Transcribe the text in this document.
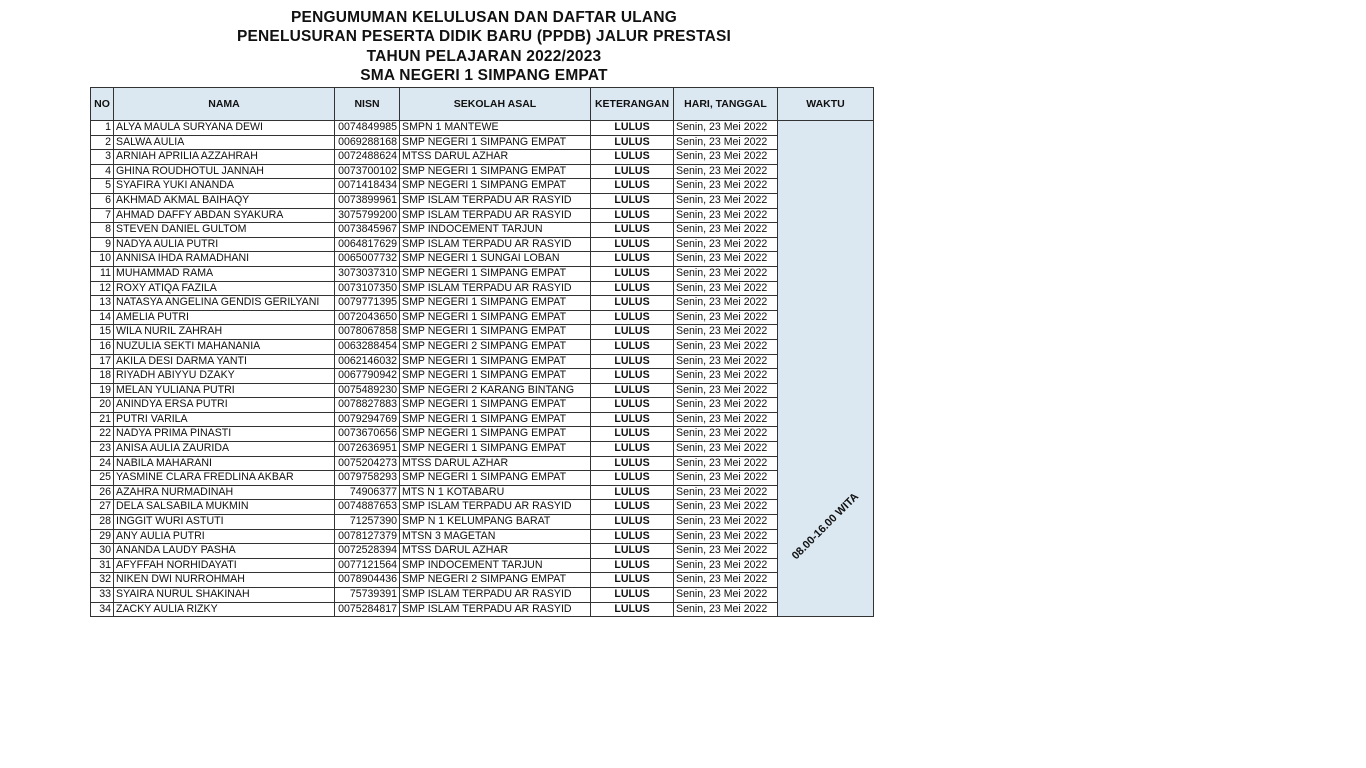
PENGUMUMAN KELULUSAN DAN DAFTAR ULANG
PENELUSURAN PESERTA DIDIK BARU (PPDB) JALUR PRESTASI
TAHUN PELAJARAN 2022/2023
SMA NEGERI 1 SIMPANG EMPAT
NO	NAMA	NISN	SEKOLAH ASAL	KETERANGAN	HARI, TANGGAL	WAKTU
1	ALYA MAULA SURYANA DEWI	0074849985	SMPN 1 MANTEWE	LULUS	Senin, 23 Mei 2022	08.00-16.00 WITA

2	SALWA AULIA	0069288168	SMP NEGERI 1 SIMPANG EMPAT	LULUS	Senin, 23 Mei 2022	
3	ARNIAH APRILIA AZZAHRAH	0072488624	MTSS DARUL AZHAR	LULUS	Senin, 23 Mei 2022	
4	GHINA ROUDHOTUL JANNAH	0073700102	SMP NEGERI 1 SIMPANG EMPAT	LULUS	Senin, 23 Mei 2022	
5	SYAFIRA YUKI ANANDA	0071418434	SMP NEGERI 1 SIMPANG EMPAT	LULUS	Senin, 23 Mei 2022	
6	AKHMAD AKMAL BAIHAQY	0073899961	SMP ISLAM TERPADU AR RASYID	LULUS	Senin, 23 Mei 2022	
7	AHMAD DAFFY ABDAN SYAKURA	3075799200	SMP ISLAM TERPADU AR RASYID	LULUS	Senin, 23 Mei 2022	
8	STEVEN DANIEL GULTOM	0073845967	SMP INDOCEMENT TARJUN	LULUS	Senin, 23 Mei 2022	
9	NADYA AULIA PUTRI	0064817629	SMP ISLAM TERPADU AR RASYID	LULUS	Senin, 23 Mei 2022	
10	ANNISA IHDA RAMADHANI	0065007732	SMP NEGERI 1 SUNGAI LOBAN	LULUS	Senin, 23 Mei 2022	
11	MUHAMMAD RAMA	3073037310	SMP NEGERI 1 SIMPANG EMPAT	LULUS	Senin, 23 Mei 2022	
12	ROXY ATIQA FAZILA	0073107350	SMP ISLAM TERPADU AR RASYID	LULUS	Senin, 23 Mei 2022	
13	NATASYA ANGELINA GENDIS GERILYANI	0079771395	SMP NEGERI 1 SIMPANG EMPAT	LULUS	Senin, 23 Mei 2022	
14	AMELIA PUTRI	0072043650	SMP NEGERI 1 SIMPANG EMPAT	LULUS	Senin, 23 Mei 2022	
15	WILA NURIL ZAHRAH	0078067858	SMP NEGERI 1 SIMPANG EMPAT	LULUS	Senin, 23 Mei 2022	
16	NUZULIA SEKTI MAHANANIA	0063288454	SMP NEGERI 2 SIMPANG EMPAT	LULUS	Senin, 23 Mei 2022	
17	AKILA DESI DARMA YANTI	0062146032	SMP NEGERI 1 SIMPANG EMPAT	LULUS	Senin, 23 Mei 2022	
18	RIYADH ABIYYU DZAKY	0067790942	SMP NEGERI 1 SIMPANG EMPAT	LULUS	Senin, 23 Mei 2022	
19	MELAN YULIANA PUTRI	0075489230	SMP NEGERI 2 KARANG BINTANG	LULUS	Senin, 23 Mei 2022	
20	ANINDYA ERSA PUTRI	0078827883	SMP NEGERI 1 SIMPANG EMPAT	LULUS	Senin, 23 Mei 2022	
21	PUTRI VARILA	0079294769	SMP NEGERI 1 SIMPANG EMPAT	LULUS	Senin, 23 Mei 2022	
22	NADYA PRIMA PINASTI	0073670656	SMP NEGERI 1 SIMPANG EMPAT	LULUS	Senin, 23 Mei 2022	
23	ANISA AULIA ZAURIDA	0072636951	SMP NEGERI 1 SIMPANG EMPAT	LULUS	Senin, 23 Mei 2022	
24	NABILA MAHARANI	0075204273	MTSS DARUL AZHAR	LULUS	Senin, 23 Mei 2022	
25	YASMINE CLARA FREDLINA AKBAR	0079758293	SMP NEGERI 1 SIMPANG EMPAT	LULUS	Senin, 23 Mei 2022	
26	AZAHRA NURMADINAH	74906377	MTS N 1 KOTABARU	LULUS	Senin, 23 Mei 2022	
27	DELA SALSABILA MUKMIN	0074887653	SMP ISLAM TERPADU AR RASYID	LULUS	Senin, 23 Mei 2022	
28	INGGIT WURI ASTUTI	71257390	SMP N 1 KELUMPANG BARAT	LULUS	Senin, 23 Mei 2022	
29	ANY AULIA PUTRI	0078127379	MTSN 3 MAGETAN	LULUS	Senin, 23 Mei 2022	
30	ANANDA LAUDY PASHA	0072528394	MTSS DARUL AZHAR	LULUS	Senin, 23 Mei 2022	
31	AFYFFAH NORHIDAYATI	0077121564	SMP INDOCEMENT TARJUN	LULUS	Senin, 23 Mei 2022	
32	NIKEN DWI NURROHMAH	0078904436	SMP NEGERI 2 SIMPANG EMPAT	LULUS	Senin, 23 Mei 2022	
33	SYAIRA NURUL SHAKINAH	75739391	SMP ISLAM TERPADU AR RASYID	LULUS	Senin, 23 Mei 2022	
34	ZACKY AULIA RIZKY	0075284817	SMP ISLAM TERPADU AR RASYID	LULUS	Senin, 23 Mei 2022	
